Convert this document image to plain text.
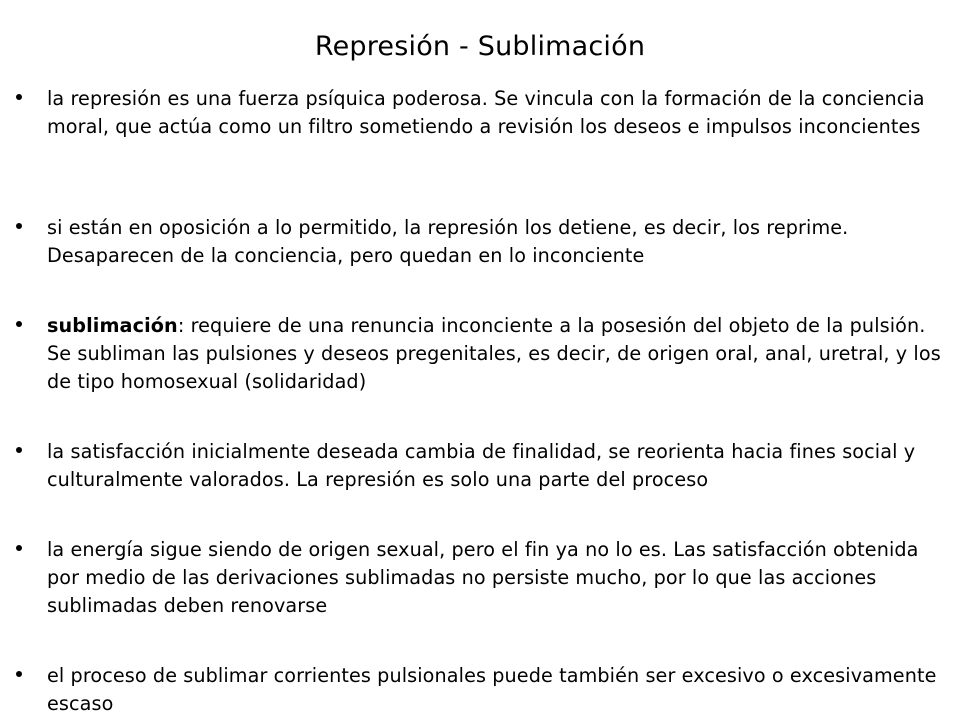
Represión - Sublimación
la represión es una fuerza psíquica poderosa. Se vincula con la formación de la conciencia moral, que actúa como un filtro sometiendo a revisión los deseos e impulsos inconcientes
si están en oposición a lo permitido, la represión los detiene, es decir, los reprime. Desaparecen de la conciencia, pero quedan en lo inconciente
sublimación: requiere de una renuncia inconciente a la posesión del objeto de la pulsión. Se subliman las pulsiones y deseos pregenitales, es decir, de origen oral, anal, uretral, y los de tipo homosexual (solidaridad)
la satisfacción inicialmente deseada cambia de finalidad, se reorienta hacia fines social y culturalmente valorados. La represión es solo una parte del proceso
la energía sigue siendo de origen sexual, pero el fin ya no lo es. Las satisfacción obtenida por medio de las derivaciones sublimadas no persiste mucho, por lo que las acciones sublimadas deben renovarse
el proceso de sublimar corrientes pulsionales puede también ser excesivo o excesivamente escaso
